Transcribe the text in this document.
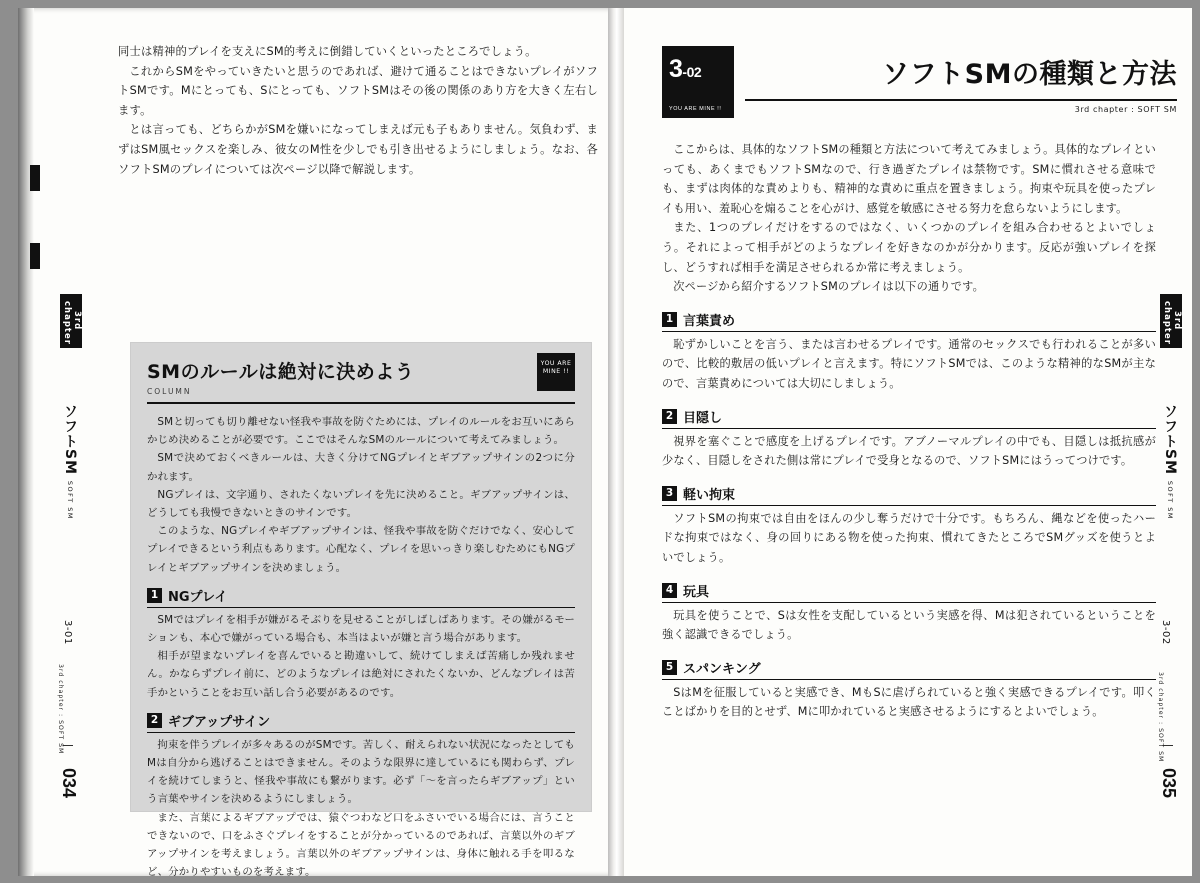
同士は精神的プレイを支えにSM的考えに倒錯していくといったところでしょう。

これからSMをやっていきたいと思うのであれば、避けて通ることはできないプレイがソフトSMです。Mにとっても、Sにとっても、ソフトSMはその後の関係のあり方を大きく左右します。

とは言っても、どちらかがSMを嫌いになってしまえば元も子もありません。気負わず、まずはSM風セックスを楽しみ、彼女のM性を少しでも引き出せるようにしましょう。なお、各ソフトSMのプレイについては次ページ以降で解説します。

SMのルールは絶対に決めよう
COLUMN
YOU ARE MINE !!

SMと切っても切り離せない怪我や事故を防ぐためには、プレイのルールをお互いにあらかじめ決めることが必要です。ここではそんなSMのルールについて考えてみましょう。

SMで決めておくべきルールは、大きく分けてNGプレイとギブアップサインの2つに分かれます。

NGプレイは、文字通り、されたくないプレイを先に決めること。ギブアップサインは、どうしても我慢できないときのサインです。

このような、NGプレイやギブアップサインは、怪我や事故を防ぐだけでなく、安心してプレイできるという利点もあります。心配なく、プレイを思いっきり楽しむためにもNGプレイとギブアップサインを決めましょう。

1 NGプレイ

SMではプレイを相手が嫌がるそぶりを見せることがしばしばあります。その嫌がるモーションも、本心で嫌がっている場合も、本当はよいが嫌と言う場合があります。

相手が望まないプレイを喜んでいると勘違いして、続けてしまえば苦痛しか残れません。かならずプレイ前に、どのようなプレイは絶対にされたくないか、どんなプレイは苦手かということをお互い話し合う必要があるのです。

2 ギブアップサイン

拘束を伴うプレイが多々あるのがSMです。苦しく、耐えられない状況になったとしてもMは自分から逃げることはできません。そのような限界に達しているにも関わらず、プレイを続けてしまうと、怪我や事故にも繋がります。必ず「〜を言ったらギブアップ」という言葉やサインを決めるようにしましょう。

また、言葉によるギブアップでは、猿ぐつわなど口をふさいでいる場合には、言うことできないので、口をふさぐプレイをすることが分かっているのであれば、言葉以外のギブアップサインを考えましょう。言葉以外のギブアップサインは、身体に触れる手を叩るなど、分かりやすいものを考えます。

3rd chapter
ソフトSM SOFT SM
3-01
|
3rd chapter : SOFT SM
034
3-02
YOU ARE MINE !!
ソフトSMの種類と方法
3rd chapter : SOFT SM

ここからは、具体的なソフトSMの種類と方法について考えてみましょう。具体的なプレイといっても、あくまでもソフトSMなので、行き過ぎたプレイは禁物です。SMに慣れさせる意味でも、まずは肉体的な責めよりも、精神的な責めに重点を置きましょう。拘束や玩具を使ったプレイも用い、羞恥心を煽ることを心がけ、感覚を敏感にさせる努力を怠らないようにします。

また、1つのプレイだけをするのではなく、いくつかのプレイを組み合わせるとよいでしょう。それによって相手がどのようなプレイを好きなのかが分かります。反応が強いプレイを探し、どうすれば相手を満足させられるか常に考えましょう。

次ページから紹介するソフトSMのプレイは以下の通りです。

1 言葉責め

恥ずかしいことを言う、または言わせるプレイです。通常のセックスでも行われることが多いので、比較的敷居の低いプレイと言えます。特にソフトSMでは、このような精神的なSMが主なので、言葉責めについては大切にしましょう。

2 目隠し

視界を塞ぐことで感度を上げるプレイです。アブノーマルプレイの中でも、目隠しは抵抗感が少なく、目隠しをされた側は常にプレイで受身となるので、ソフトSMにはうってつけです。

3 軽い拘束

ソフトSMの拘束では自由をほんの少し奪うだけで十分です。もちろん、縄などを使ったハードな拘束ではなく、身の回りにある物を使った拘束、慣れてきたところでSMグッズを使うとよいでしょう。

4 玩具

玩具を使うことで、Sは女性を支配しているという実感を得、Mは犯されているということを強く認識できるでしょう。

5 スパンキング

SはMを征服していると実感でき、MもSに虐げられていると強く実感できるプレイです。叩くことばかりを目的とせず、Mに叩かれていると実感させるようにするとよいでしょう。

3rd chapter
ソフトSM SOFT SM
3-02
|
3rd chapter : SOFT SM
035
